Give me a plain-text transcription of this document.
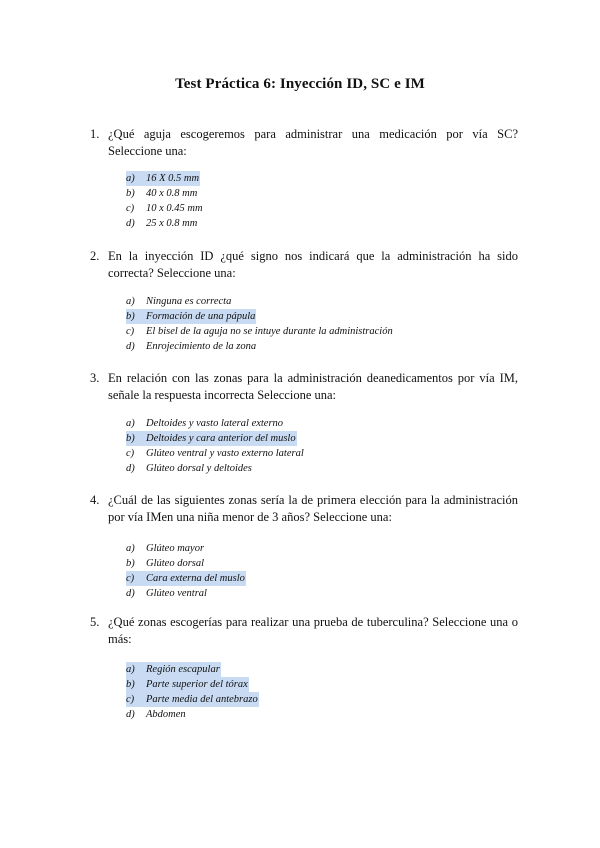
Test Práctica 6: Inyección ID, SC e IM
1. ¿Qué aguja escogeremos para administrar una medicación por vía SC? Seleccione una:
a) 16 X 0.5 mm
b) 40 x 0.8 mm
c) 10 x 0.45 mm
d) 25 x 0.8 mm
2. En la inyección ID ¿qué signo nos indicará que la administración ha sido correcta? Seleccione una:
a) Ninguna es correcta
b) Formación de una pápula
c) El bisel de la aguja no se intuye durante la administración
d) Enrojecimiento de la zona
3. En relación con las zonas para la administración deanedicamentos por vía IM, señale la respuesta incorrecta Seleccione una:
a) Deltoides y vasto lateral externo
b) Deltoides y cara anterior del muslo
c) Glúteo ventral y vasto externo lateral
d) Glúteo dorsal y deltoides
4. ¿Cuál de las siguientes zonas sería la de primera elección para la administración por vía IMen una niña menor de 3 años? Seleccione una:
a) Glúteo mayor
b) Glúteo dorsal
c) Cara externa del muslo
d) Glúteo ventral
5. ¿Qué zonas escogerías para realizar una prueba de tuberculina? Seleccione una o más:
a) Región escapular
b) Parte superior del tórax
c) Parte media del antebrazo
d) Abdomen
